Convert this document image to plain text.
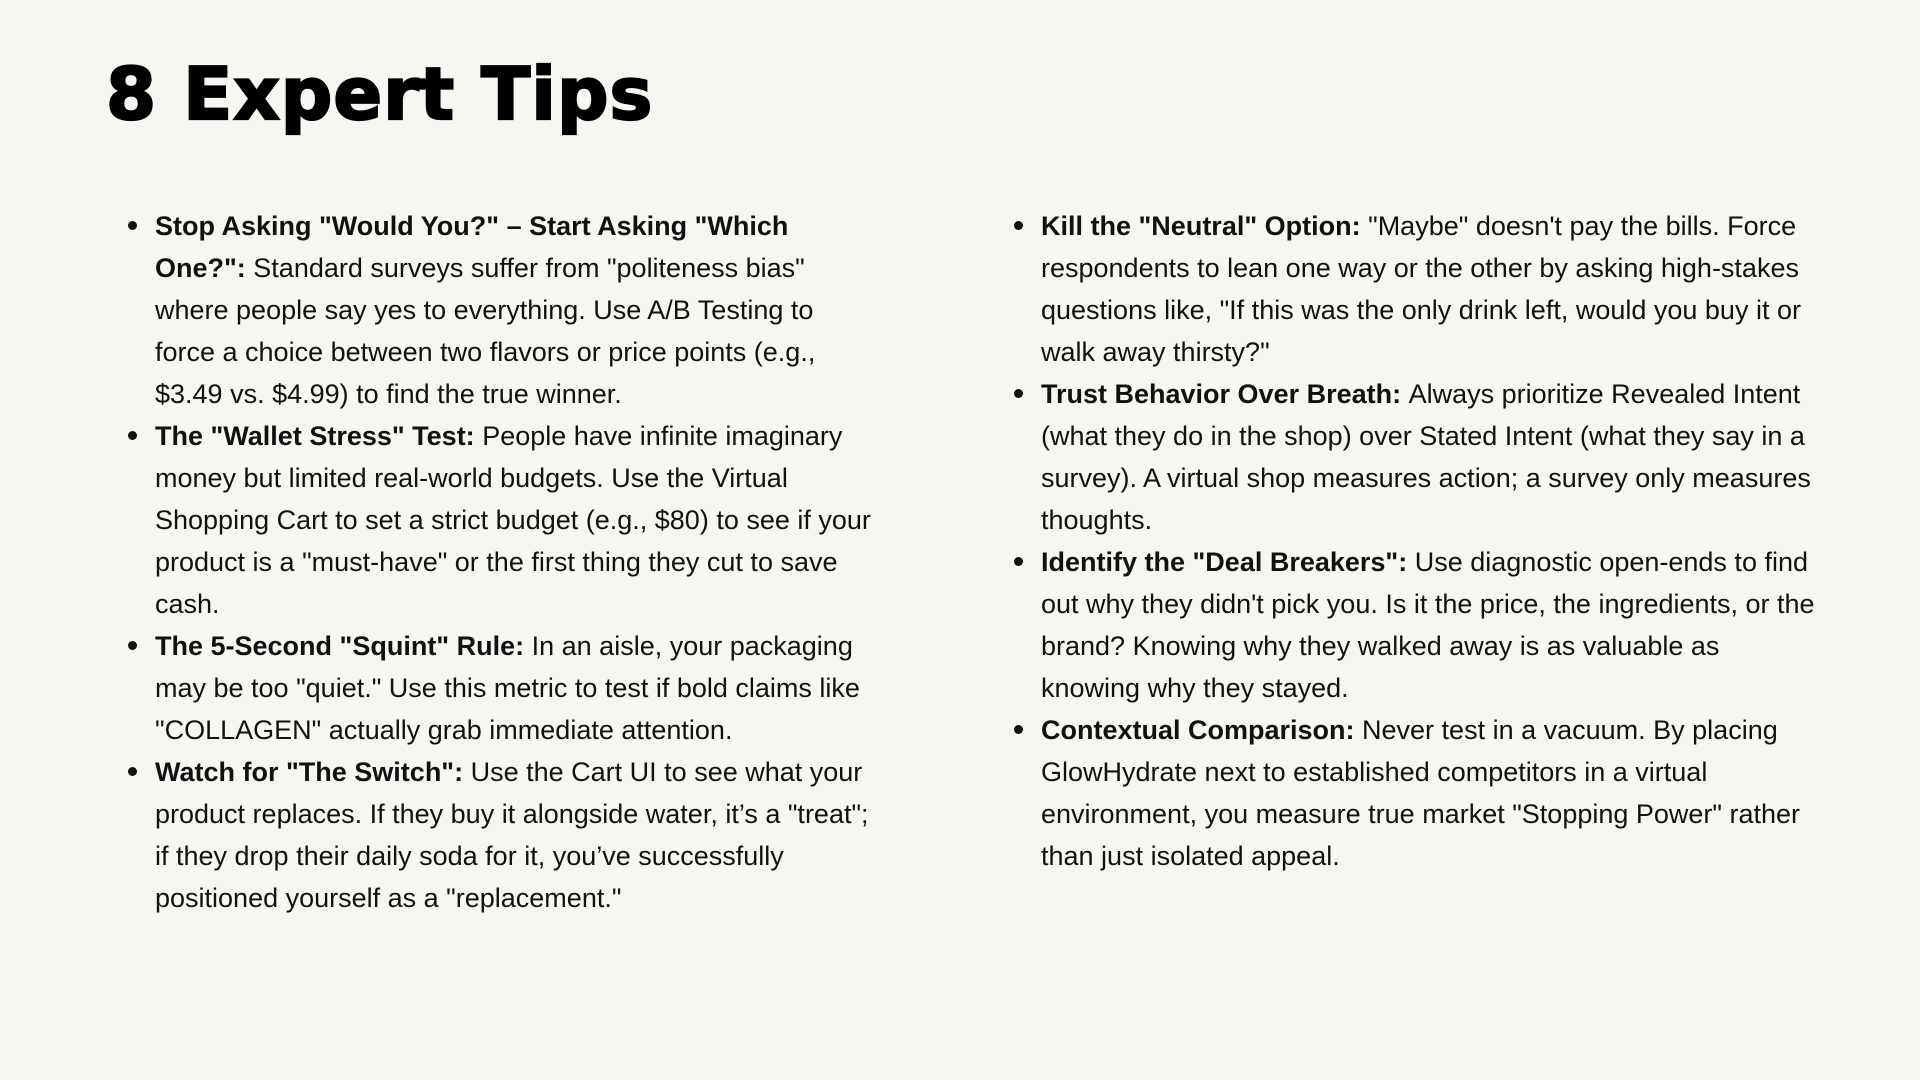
8 Expert Tips
Stop Asking "Would You?" – Start Asking "Which One?": Standard surveys suffer from "politeness bias" where people say yes to everything. Use A/B Testing to force a choice between two flavors or price points (e.g., $3.49 vs. $4.99) to find the true winner.
The "Wallet Stress" Test: People have infinite imaginary money but limited real-world budgets. Use the Virtual Shopping Cart to set a strict budget (e.g., $80) to see if your product is a "must-have" or the first thing they cut to save cash.
The 5-Second "Squint" Rule: In an aisle, your packaging may be too "quiet." Use this metric to test if bold claims like "COLLAGEN" actually grab immediate attention.
Watch for "The Switch": Use the Cart UI to see what your product replaces. If they buy it alongside water, it’s a "treat"; if they drop their daily soda for it, you’ve successfully positioned yourself as a "replacement."
Kill the "Neutral" Option: "Maybe" doesn't pay the bills. Force respondents to lean one way or the other by asking high-stakes questions like, "If this was the only drink left, would you buy it or walk away thirsty?"
Trust Behavior Over Breath: Always prioritize Revealed Intent (what they do in the shop) over Stated Intent (what they say in a survey). A virtual shop measures action; a survey only measures thoughts.
Identify the "Deal Breakers": Use diagnostic open-ends to find out why they didn't pick you. Is it the price, the ingredients, or the brand? Knowing why they walked away is as valuable as knowing why they stayed.
Contextual Comparison: Never test in a vacuum. By placing GlowHydrate next to established competitors in a virtual environment, you measure true market "Stopping Power" rather than just isolated appeal.
